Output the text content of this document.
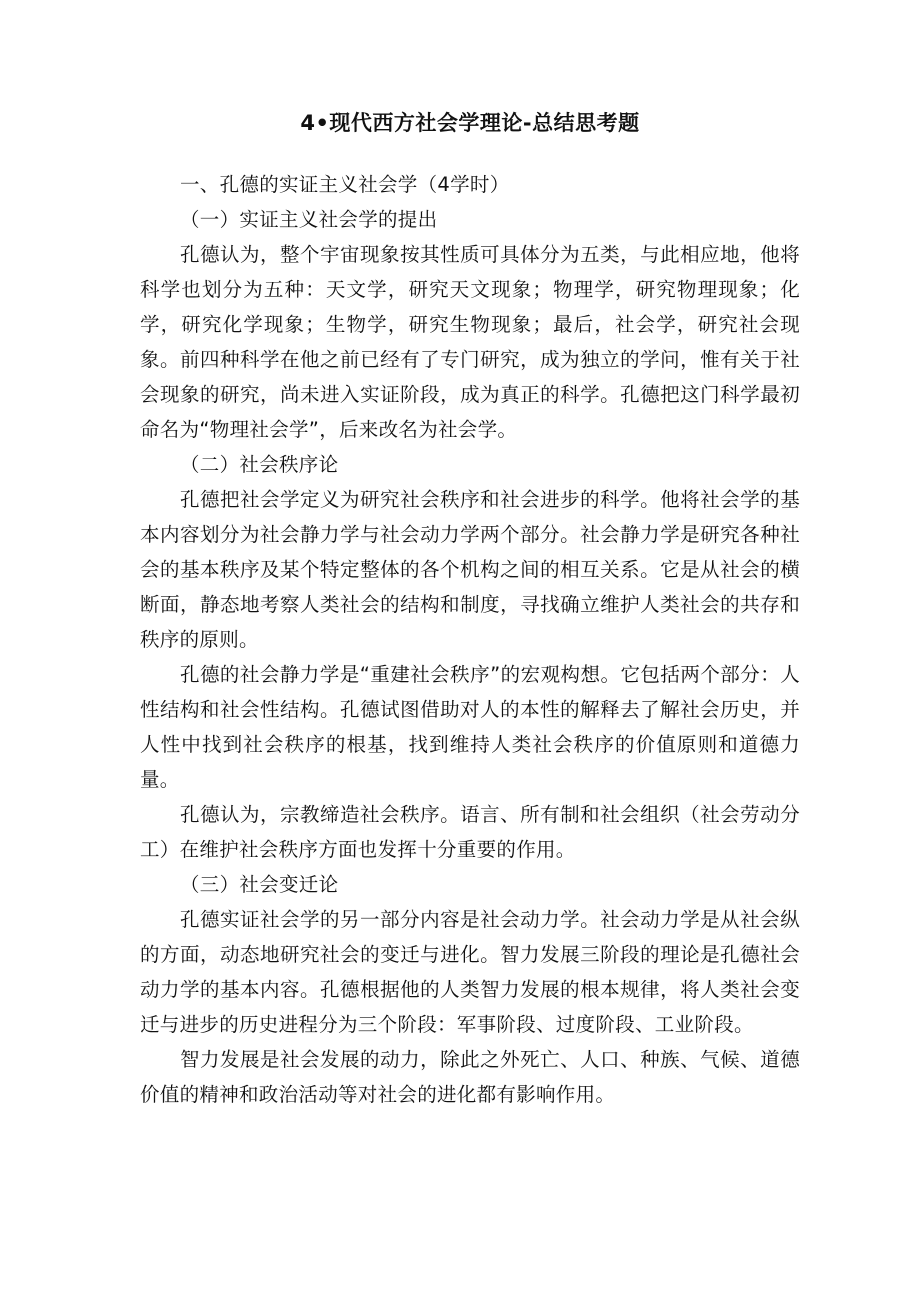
4•现代西方社会学理论-总结思考题

一、孔德的实证主义社会学（4学时）

（一）实证主义社会学的提出

孔德认为，整个宇宙现象按其性质可具体分为五类，与此相应地，他将科学也划分为五种：天文学，研究天文现象；物理学，研究物理现象；化学，研究化学现象；生物学，研究生物现象；最后，社会学，研究社会现象。前四种科学在他之前已经有了专门研究，成为独立的学问，惟有关于社会现象的研究，尚未进入实证阶段，成为真正的科学。孔德把这门科学最初命名为“物理社会学”，后来改名为社会学。

（二）社会秩序论

孔德把社会学定义为研究社会秩序和社会进步的科学。他将社会学的基本内容划分为社会静力学与社会动力学两个部分。社会静力学是研究各种社会的基本秩序及某个特定整体的各个机构之间的相互关系。它是从社会的横断面，静态地考察人类社会的结构和制度，寻找确立维护人类社会的共存和秩序的原则。

孔德的社会静力学是“重建社会秩序”的宏观构想。它包括两个部分：人性结构和社会性结构。孔德试图借助对人的本性的解释去了解社会历史，并人性中找到社会秩序的根基，找到维持人类社会秩序的价值原则和道德力量。

孔德认为，宗教缔造社会秩序。语言、所有制和社会组织（社会劳动分工）在维护社会秩序方面也发挥十分重要的作用。

（三）社会变迁论

孔德实证社会学的另一部分内容是社会动力学。社会动力学是从社会纵的方面，动态地研究社会的变迁与进化。智力发展三阶段的理论是孔德社会动力学的基本内容。孔德根据他的人类智力发展的根本规律，将人类社会变迁与进步的历史进程分为三个阶段：军事阶段、过度阶段、工业阶段。

智力发展是社会发展的动力，除此之外死亡、人口、种族、气候、道德价值的精神和政治活动等对社会的进化都有影响作用。
